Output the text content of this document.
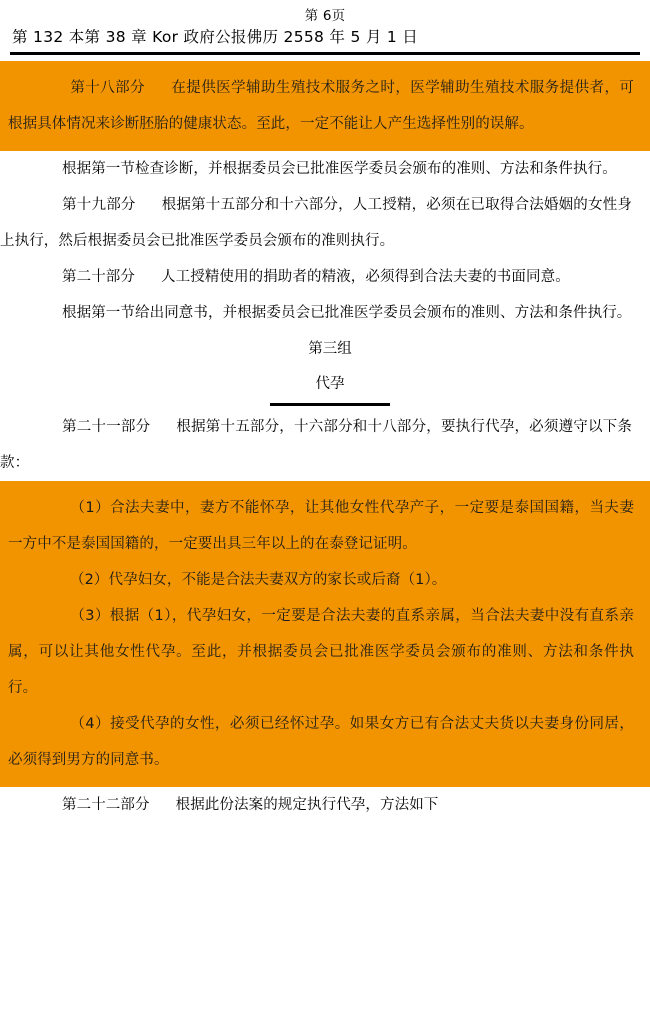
第 6页
第 132 本第 38 章 Kor 政府公报佛历 2558 年 5 月 1 日

第十八部分 在提供医学辅助生殖技术服务之时，医学辅助生殖技术服务提供者，可根据具体情况来诊断胚胎的健康状态。至此，一定不能让人产生选择性别的误解。

根据第一节检查诊断，并根据委员会已批准医学委员会颁布的准则、方法和条件执行。

第十九部分 根据第十五部分和十六部分，人工授精，必须在已取得合法婚姻的女性身上执行，然后根据委员会已批准医学委员会颁布的准则执行。

第二十部分 人工授精使用的捐助者的精液，必须得到合法夫妻的书面同意。

根据第一节给出同意书，并根据委员会已批准医学委员会颁布的准则、方法和条件执行。

第三组
代孕

第二十一部分 根据第十五部分，十六部分和十八部分，要执行代孕，必须遵守以下条款：

（1）合法夫妻中，妻方不能怀孕，让其他女性代孕产子，一定要是泰国国籍，当夫妻一方中不是泰国国籍的，一定要出具三年以上的在泰登记证明。

（2）代孕妇女，不能是合法夫妻双方的家长或后裔（1）。

（3）根据（1），代孕妇女，一定要是合法夫妻的直系亲属，当合法夫妻中没有直系亲属，可以让其他女性代孕。至此，并根据委员会已批准医学委员会颁布的准则、方法和条件执行。

（4）接受代孕的女性，必须已经怀过孕。如果女方已有合法丈夫货以夫妻身份同居，必须得到男方的同意书。

第二十二部分 根据此份法案的规定执行代孕，方法如下
